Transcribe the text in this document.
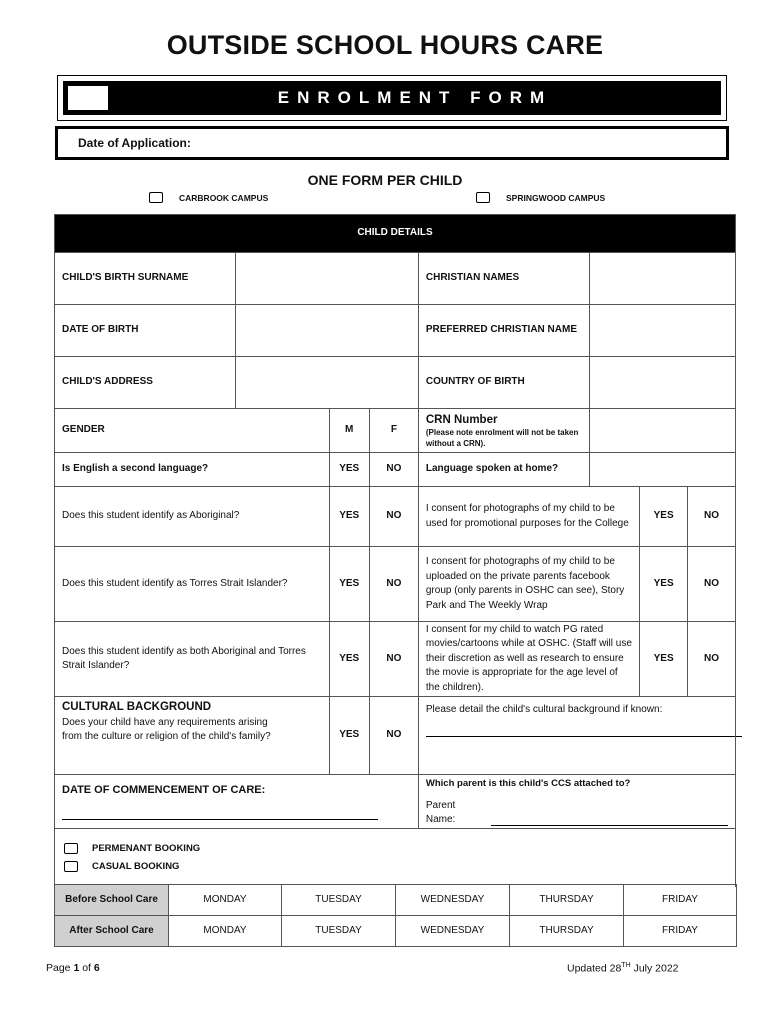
OUTSIDE SCHOOL HOURS CARE
ENROLMENT FORM
Date of Application:
ONE FORM PER CHILD
CARBROOK CAMPUS	SPRINGWOOD CAMPUS
CHILD DETAILS							
CHILD'S BIRTH SURNAME				CHRISTIAN NAMES			
DATE OF BIRTH				PREFERRED CHRISTIAN NAME			
CHILD'S ADDRESS				COUNTRY OF BIRTH			
GENDER		M	F	CRN Number
(Please note enrolment will not be taken without a CRN).			

Is English a second language?		YES	NO	Language spoken at home?			
Does this student identify as Aboriginal?		YES	NO	I consent for photographs of my child to be used for promotional purposes for the College		YES	NO
Does this student identify as Torres Strait Islander?		YES	NO	I consent for photographs of my child to be uploaded on the private parents facebook group (only parents in OSHC can see), Story Park and The Weekly Wrap		YES	NO
Does this student identify as both Aboriginal and Torres Strait Islander?		YES	NO	I consent for my child to watch PG rated movies/cartoons while at OSHC. (Staff will use their discretion as well as research to ensure the movie is appropriate for the age level of the children).		YES	NO

CULTURAL BACKGROUND
Does your child have any requirements arising from the culture or religion of the child's family?		YES	NO	Please detail the child's cultural background if known:			

DATE OF COMMENCEMENT OF CARE:				Which parent is this child's CCS attached to?
Parent Name:			

PERMENANT BOOKING
CASUAL BOOKING							
Before School Care	MONDAY	TUESDAY	WEDNESDAY	THURSDAY	FRIDAY
After School Care	MONDAY	TUESDAY	WEDNESDAY	THURSDAY	FRIDAY
Page 1 of 6	Updated 28TH July 2022
